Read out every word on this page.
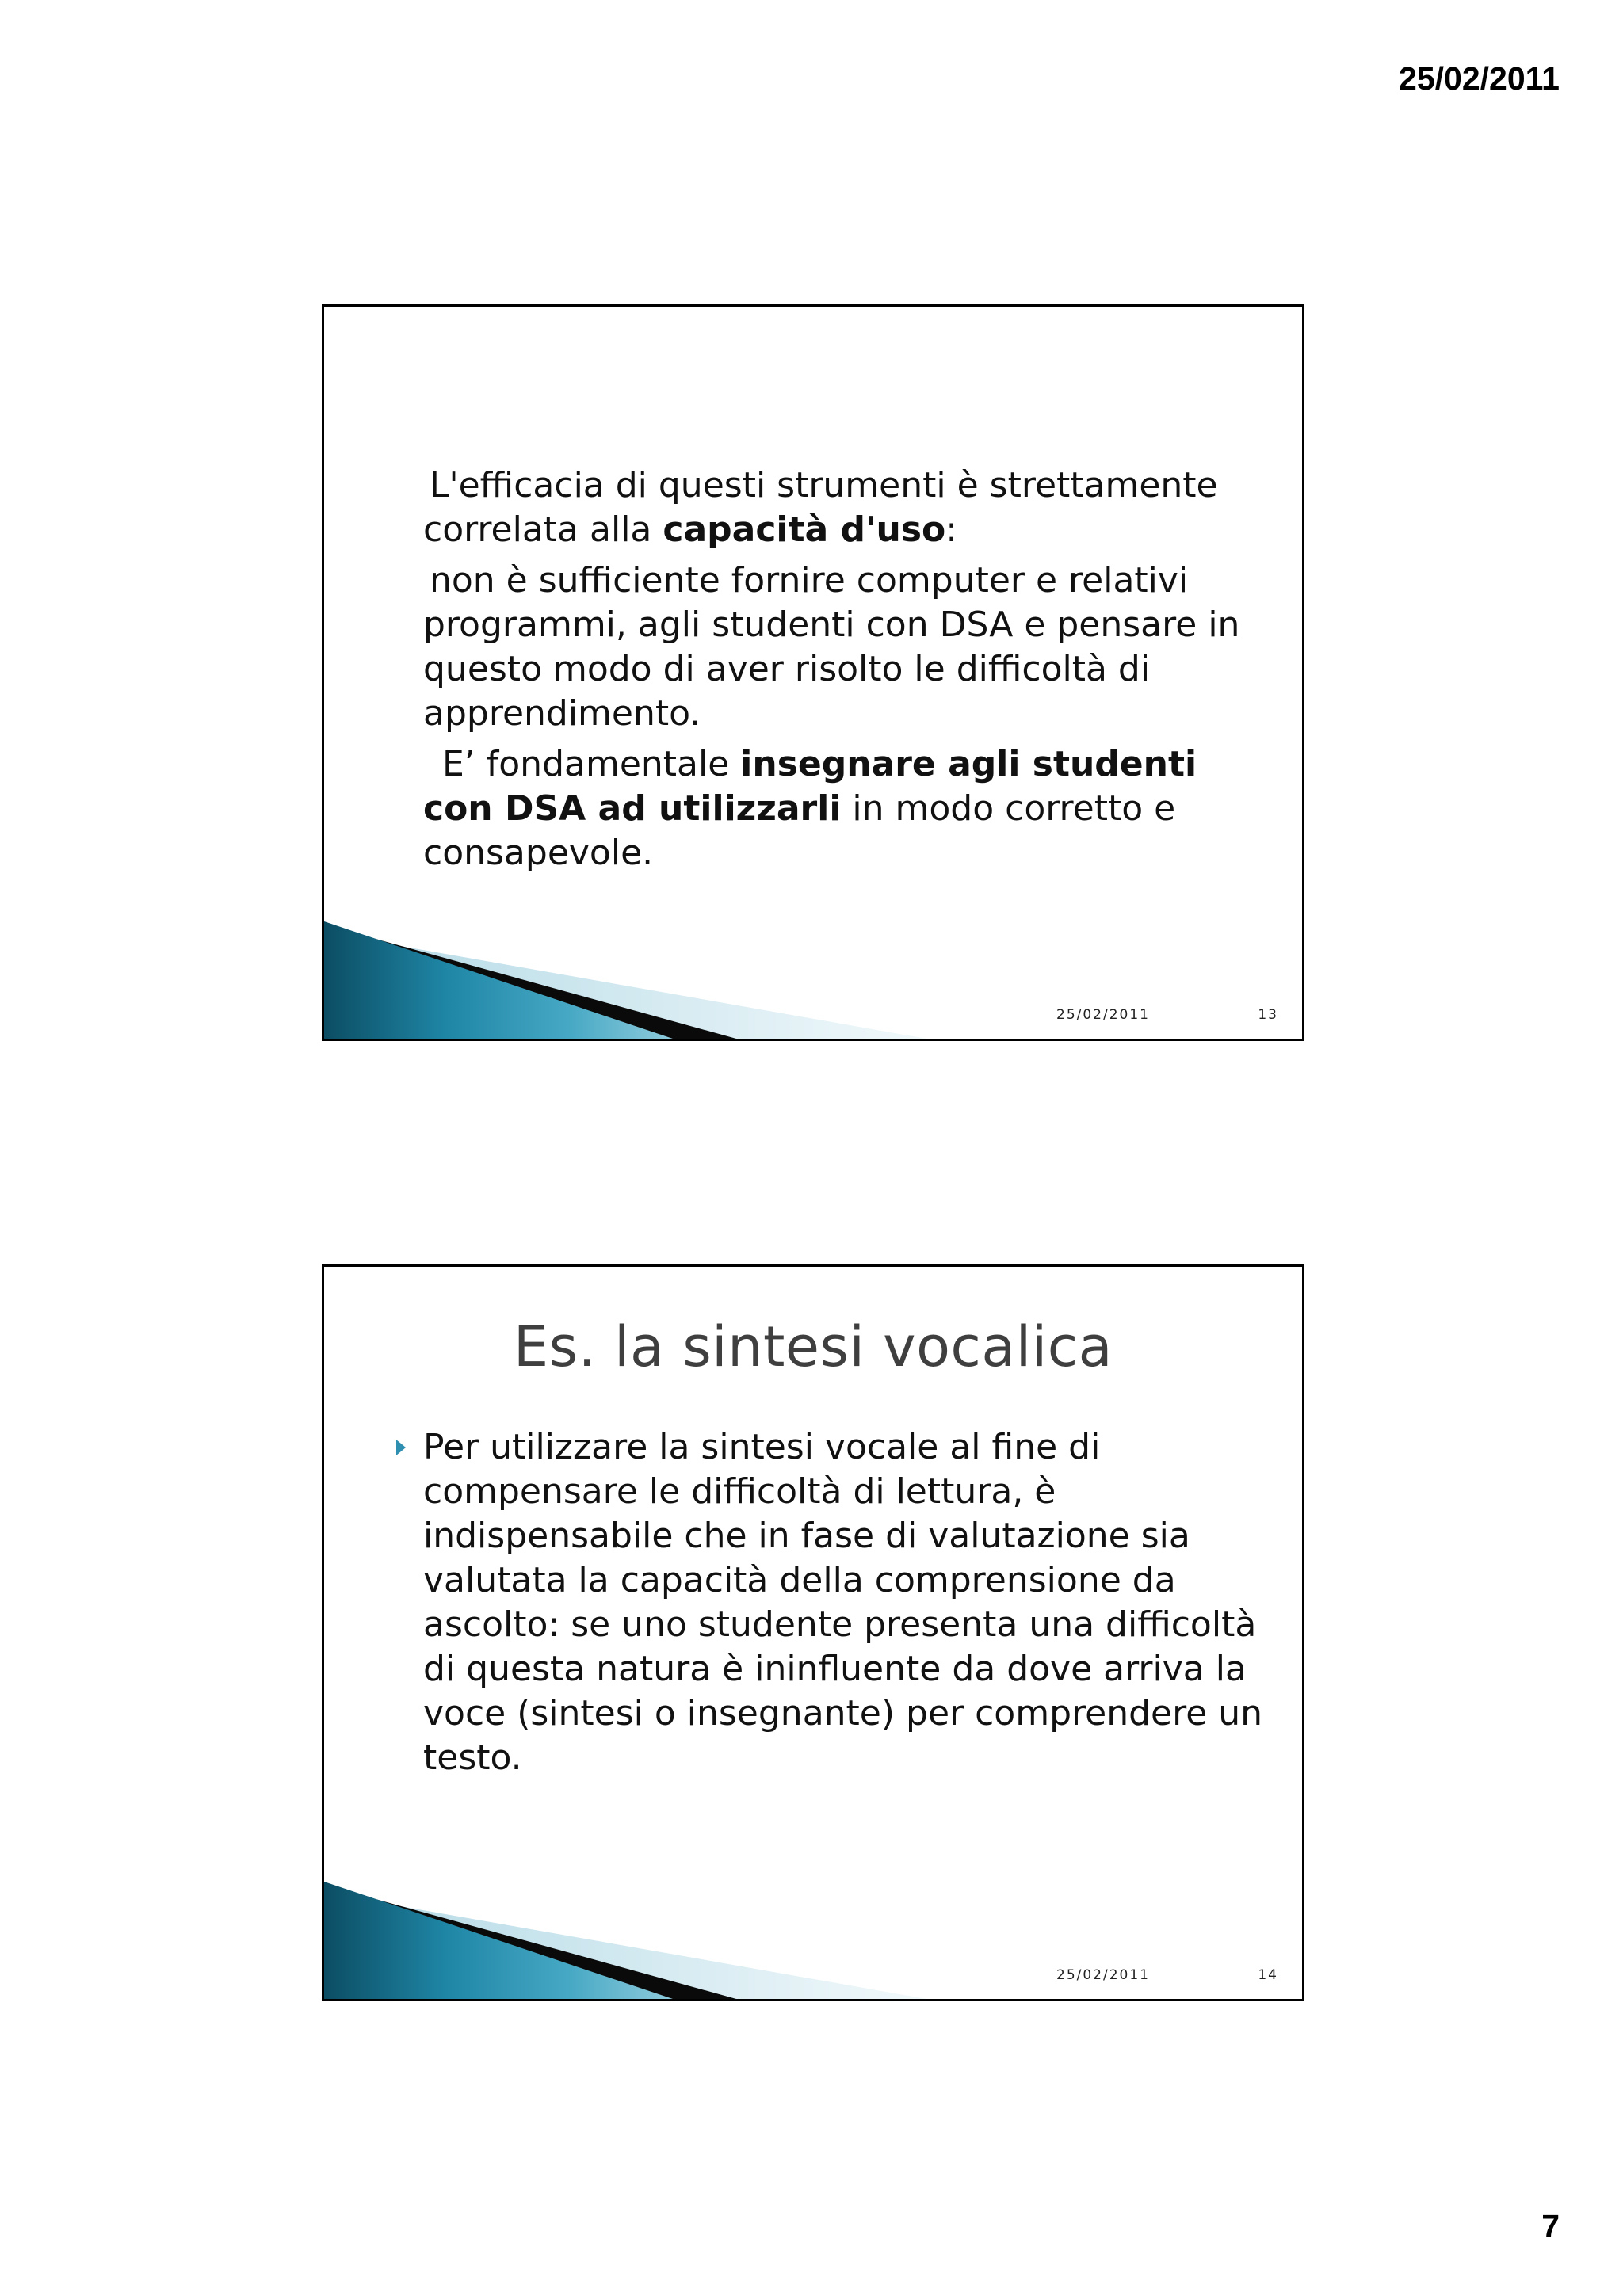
25/02/2011

L'efficacia di questi strumenti è strettamente correlata alla capacità d'uso:

non è sufficiente fornire computer e relativi programmi, agli studenti con DSA e pensare in questo modo di aver risolto le difficoltà di apprendimento.

E’ fondamentale insegnare agli studenti con DSA ad utilizzarli in modo corretto e consapevole.

25/02/2011	13
Es. la sintesi vocalica
Per utilizzare la sintesi vocale al fine di compensare le difficoltà di lettura, è indispensabile che in fase di valutazione sia valutata la capacità della comprensione da ascolto: se uno studente presenta una difficoltà di questa natura è ininfluente da dove arriva la voce (sintesi o insegnante) per comprendere un testo.
25/02/2011	14
7
